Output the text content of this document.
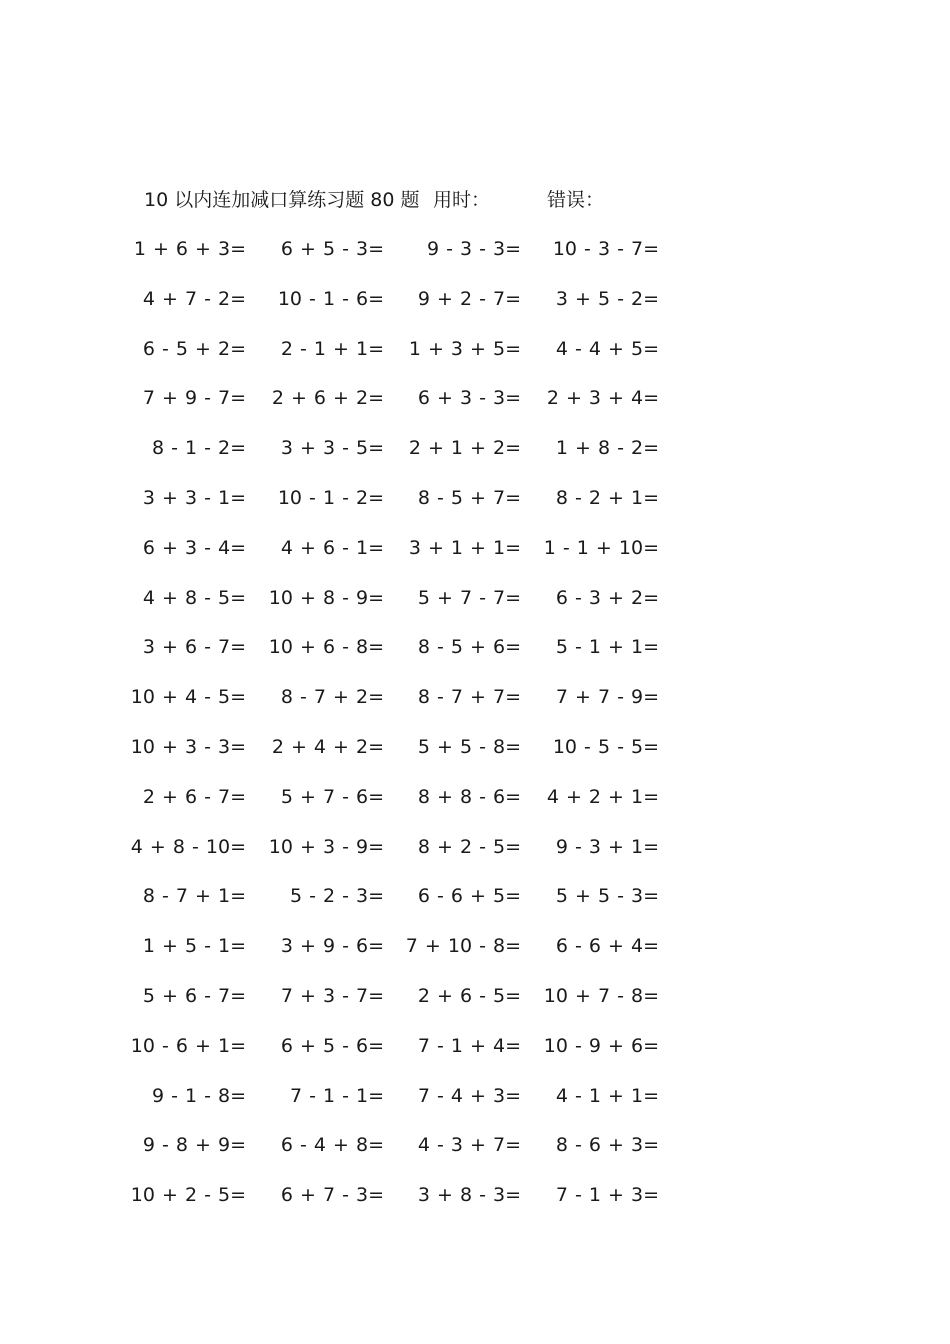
10 以内连加减口算练习题 80 题 用时：	错误：
1 + 6 + 3= 6 + 5 - 3= 9 - 3 - 3= 10 - 3 - 7=
4 + 7 - 2= 10 - 1 - 6= 9 + 2 - 7= 3 + 5 - 2=
6 - 5 + 2= 2 - 1 + 1= 1 + 3 + 5= 4 - 4 + 5=
7 + 9 - 7= 2 + 6 + 2= 6 + 3 - 3= 2 + 3 + 4=
8 - 1 - 2= 3 + 3 - 5= 2 + 1 + 2= 1 + 8 - 2=
3 + 3 - 1= 10 - 1 - 2= 8 - 5 + 7= 8 - 2 + 1=
6 + 3 - 4= 4 + 6 - 1= 3 + 1 + 1= 1 - 1 + 10=
4 + 8 - 5= 10 + 8 - 9= 5 + 7 - 7= 6 - 3 + 2=
3 + 6 - 7= 10 + 6 - 8= 8 - 5 + 6= 5 - 1 + 1=
10 + 4 - 5= 8 - 7 + 2= 8 - 7 + 7= 7 + 7 - 9=
10 + 3 - 3= 2 + 4 + 2= 5 + 5 - 8= 10 - 5 - 5=
2 + 6 - 7= 5 + 7 - 6= 8 + 8 - 6= 4 + 2 + 1=
4 + 8 - 10= 10 + 3 - 9= 8 + 2 - 5= 9 - 3 + 1=
8 - 7 + 1= 5 - 2 - 3= 6 - 6 + 5= 5 + 5 - 3=
1 + 5 - 1= 3 + 9 - 6= 7 + 10 - 8= 6 - 6 + 4=
5 + 6 - 7= 7 + 3 - 7= 2 + 6 - 5= 10 + 7 - 8=
10 - 6 + 1= 6 + 5 - 6= 7 - 1 + 4= 10 - 9 + 6=
9 - 1 - 8= 7 - 1 - 1= 7 - 4 + 3= 4 - 1 + 1=
9 - 8 + 9= 6 - 4 + 8= 4 - 3 + 7= 8 - 6 + 3=
10 + 2 - 5= 6 + 7 - 3= 3 + 8 - 3= 7 - 1 + 3=
